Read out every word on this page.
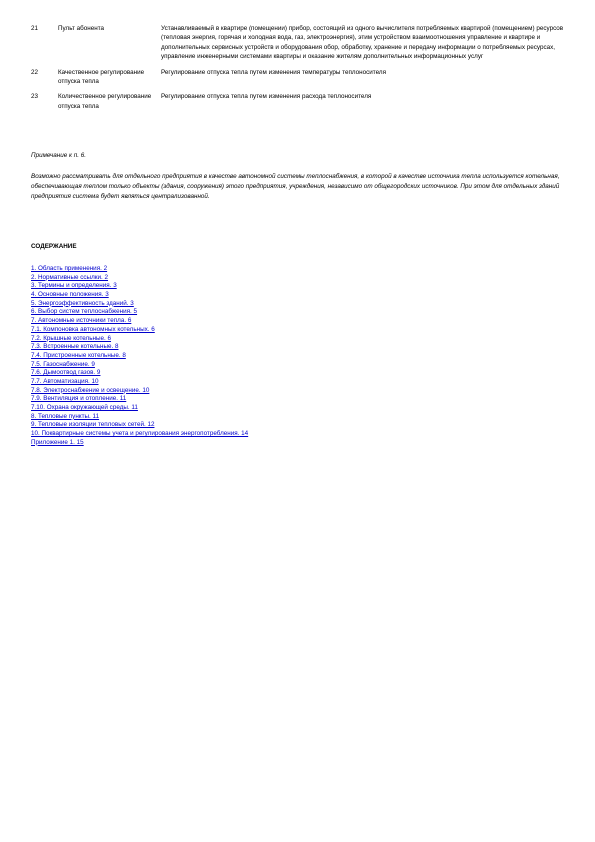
21	Пульт абонента	Устанавливаемый в квартире (помещении) прибор, состоящий из одного вычислителя потребляемых квартирой (помещением) ресурсов (тепловая энергия, горячая и холодная вода, газ, электроэнергия), этим устройством взаимоотношения управление и квартире и дополнительных сервисных устройств и оборудования обор, обработку, хранение и передачу информации о потребляемых ресурсах, управление инженерными системами квартиры и оказание жителям дополнительных информационных услуг
22	Качественное регулирование отпуска тепла	Регулирование отпуска тепла путем изменения температуры теплоносителя
23	Количественное регулирование отпуска тепла	Регулирование отпуска тепла путем изменения расхода теплоносителя
Примечание к п. 6.
Возможно рассматривать для отдельного предприятия в качестве автономной системы теплоснабжения, в которой в качестве источника тепла используется котельная, обеспечивающая теплом только объекты (здания, сооружения) этого предприятия, учреждения, независимо от общегородских источников. При этом для отдельных зданий предприятия система будет являться централизованной.
СОДЕРЖАНИЕ
1. Область применения. 2
2. Нормативные ссылки. 2
3. Термины и определения. 3
4. Основные положения. 3
5. Энергоэффективность зданий. 3
6. Выбор систем теплоснабжения. 5
7. Автономные источники тепла. 6
7.1. Компоновка автономных котельных. 6
7.2. Крышные котельные. 6
7.3. Встроенные котельные. 8
7.4. Пристроенные котельные. 8
7.5. Газоснабжение. 9
7.6. Дымоотвод газов. 9
7.7. Автоматизация. 10
7.8. Электроснабжение и освещение. 10
7.9. Вентиляция и отопление. 11
7.10. Охрана окружающей среды. 11
8. Тепловые пункты. 11
9. Тепловые изоляции тепловых сетей. 12
10. Поквартирные системы учета и регулирования энергопотребления. 14
Приложение 1. 15
